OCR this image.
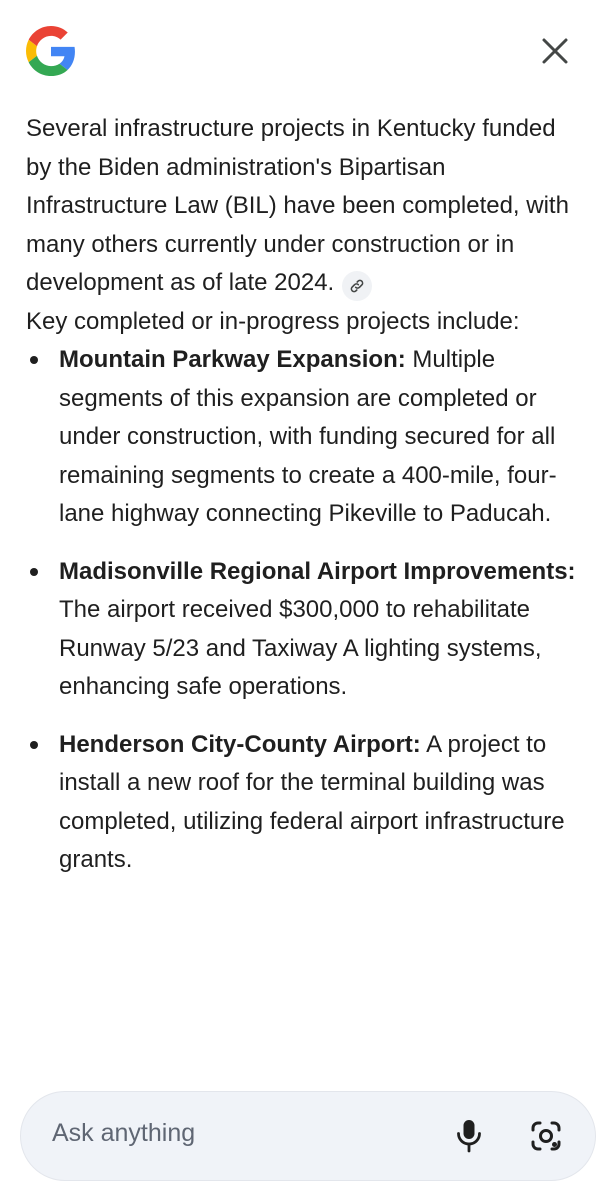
Several infrastructure projects in Kentucky funded by the Biden administration's Bipartisan Infrastructure Law (BIL) have been completed, with many others currently under construction or in development as of late 2024.

Key completed or in-progress projects include:

Mountain Parkway Expansion: Multiple segments of this expansion are completed or under construction, with funding secured for all remaining segments to create a 400-mile, four-lane highway connecting Pikeville to Paducah.
Madisonville Regional Airport Improvements: The airport received $300,000 to rehabilitate Runway 5/23 and Taxiway A lighting systems, enhancing safe operations.
Henderson City-County Airport: A project to install a new roof for the terminal building was completed, utilizing federal airport infrastructure grants.
Ask anything
